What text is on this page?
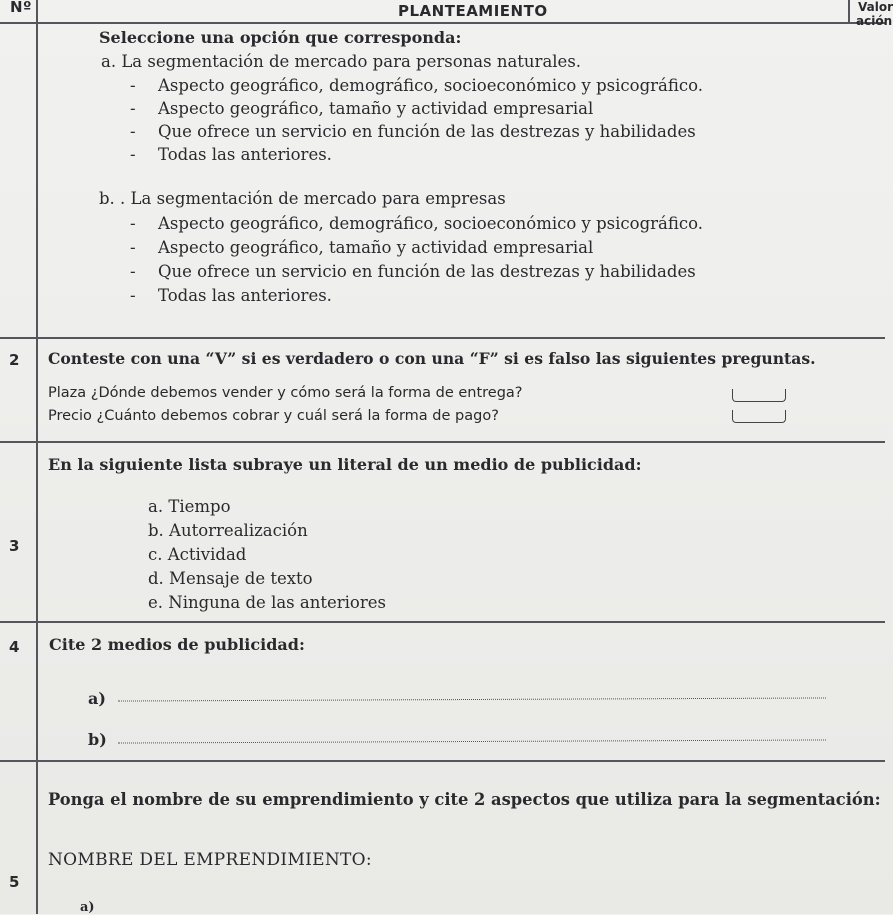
Nº	PLANTEAMIENTO	Valor
ación
Seleccione una opción que corresponda:
a. La segmentación de mercado para personas naturales.
- Aspecto geográfico, demográfico, socioeconómico y psicográfico.
- Aspecto geográfico, tamaño y actividad empresarial
- Que ofrece un servicio en función de las destrezas y habilidades
- Todas las anteriores.
b. . La segmentación de mercado para empresas
- Aspecto geográfico, demográfico, socioeconómico y psicográfico.
- Aspecto geográfico, tamaño y actividad empresarial
- Que ofrece un servicio en función de las destrezas y habilidades
- Todas las anteriores.
2 Conteste con una “V” si es verdadero o con una “F” si es falso las siguientes preguntas.
Plaza ¿Dónde debemos vender y cómo será la forma de entrega?
Precio ¿Cuánto debemos cobrar y cuál será la forma de pago?
En la siguiente lista subraye un literal de un medio de publicidad:
3
a. Tiempo
b. Autorrealización
c. Actividad
d. Mensaje de texto
e. Ninguna de las anteriores
4 Cite 2 medios de publicidad:
a)
b)
Ponga el nombre de su emprendimiento y cite 2 aspectos que utiliza para la segmentación:
NOMBRE DEL EMPRENDIMIENTO:
5
a)
